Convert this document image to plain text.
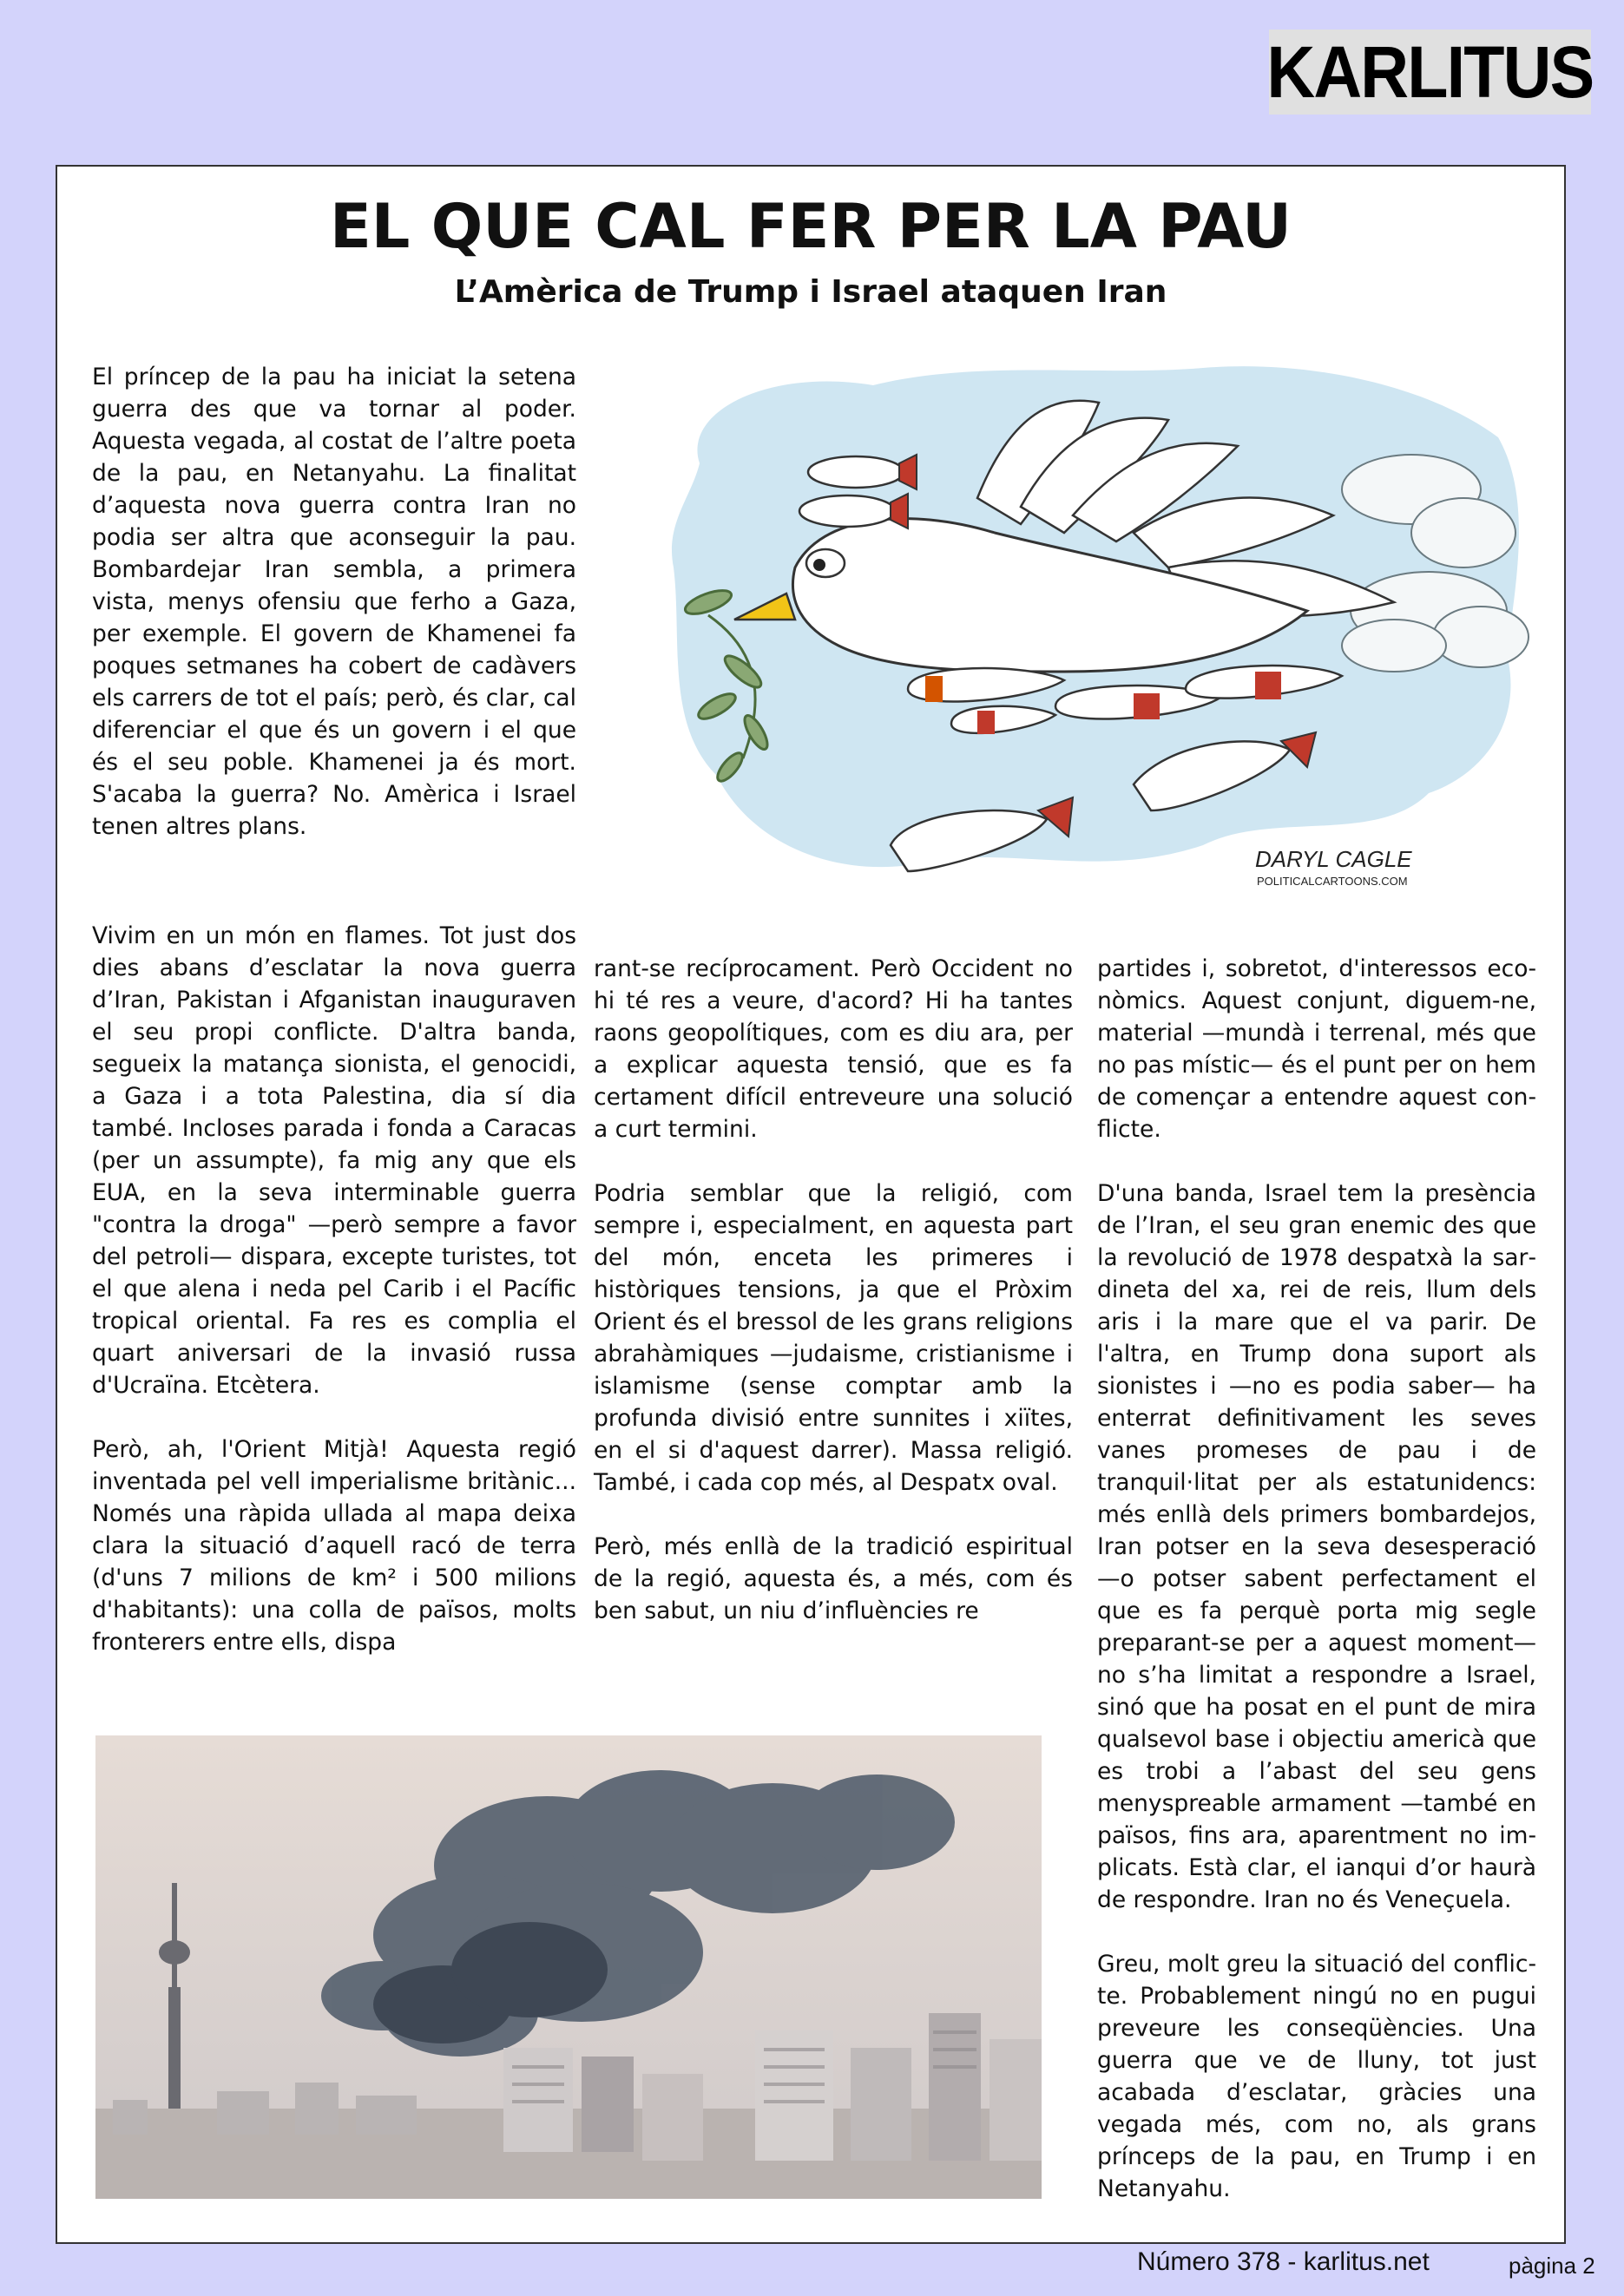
KARLITUS
EL QUE CAL FER PER LA PAU
L’Amèrica de Trump i Israel ataquen Iran

El príncep de la pau ha iniciat la setena guerra des que va tornar al poder. Aquesta vegada, al costat de l’altre poeta de la pau, en Netanyahu. La finalitat d’aquesta nova guerra contra Iran no podia ser altra que aconseguir la pau. Bombardejar Iran sembla, a primera vista, menys ofensiu que ferho a Gaza, per exemple. El govern de Khamenei fa poques setmanes ha cobert de cadàvers els carrers de tot el país; però, és clar, cal diferenciar el que és un govern i el que és el seu poble. Khamenei ja és mort. S'acaba la guerra? No. Amèrica i Israel tenen altres plans.

Vivim en un món en flames. Tot just dos dies abans d’esclatar la nova guerra d’Iran, Pakistan i Afganistan inauguraven el seu propi conflicte. D'altra banda, segueix la matança sionista, el genocidi, a Gaza i a tota Palestina, dia sí dia també. Incloses parada i fonda a Caracas (per un assumpte), fa mig any que els EUA, en la seva interminable guerra "contra la droga" —però sempre a favor del petroli— dispara, excepte turistes, tot el que alena i neda pel Carib i el Pacífic tropical oriental. Fa res es complia el quart aniversari de la invasió russa d'Ucraïna. Etcètera.

Però, ah, l'Orient Mitjà! Aquesta regió inventada pel vell imperialisme britànic... Només una ràpida ullada al mapa deixa clara la situació d’aquell racó de terra (d'uns 7 milions de km² i 500 milions d'habitants): una colla de països, molts fronterers entre ells, dispa

rant-se recíprocament. Però Occident no hi té res a veure, d'acord? Hi ha tantes raons geopolítiques, com es diu ara, per a explicar aquesta tensió, que es fa certament difícil entreveure una solució a curt termini.

Podria semblar que la religió, com sempre i, especialment, en aquesta part del món, enceta les primeres i històriques tensions, ja que el Pròxim Orient és el bressol de les grans religions abrahàmiques —judaisme, cristianisme i islamisme (sense comptar amb la profunda divisió entre sunnites i xiïtes, en el si d'aquest darrer). Massa religió. També, i cada cop més, al Despatx oval.

Però, més enllà de la tradició espiritual de la regió, aquesta és, a més, com és ben sabut, un niu d’influències re

partides i, sobretot, d'interessos econòmics. Aquest conjunt, diguem-ne, material —mundà i terrenal, més que no pas místic— és el punt per on hem de començar a entendre aquest conflicte.

D'una banda, Israel tem la presència de l’Iran, el seu gran enemic des que la revolució de 1978 despatxà la sardineta del xa, rei de reis, llum dels aris i la mare que el va parir. De l'altra, en Trump dona suport als sionistes i —no es podia saber— ha enterrat definitivament les seves vanes promeses de pau i de tranquil·litat per als estatunidencs: més enllà dels primers bombardejos, Iran potser en la seva desesperació —o potser sabent perfectament el que es fa perquè porta mig segle preparant-se per a aquest moment— no s’ha limitat a respondre a Israel, sinó que ha posat en el punt de mira qualsevol base i objectiu americà que es trobi a l’abast del seu gens menyspreable armament —també en països, fins ara, aparentment no implicats. Està clar, el ianqui d’or haurà de respondre. Iran no és Veneçuela.

Greu, molt greu la situació del conflicte. Probablement ningú no en pugui preveure les conseqüències. Una guerra que ve de lluny, tot just acabada d’esclatar, gràcies una vegada més, com no, als grans prínceps de la pau, en Trump i en Netanyahu.

DARYL CAGLE
POLITICALCARTOONS.COM
Número 378 - karlitus.net	pàgina 2
